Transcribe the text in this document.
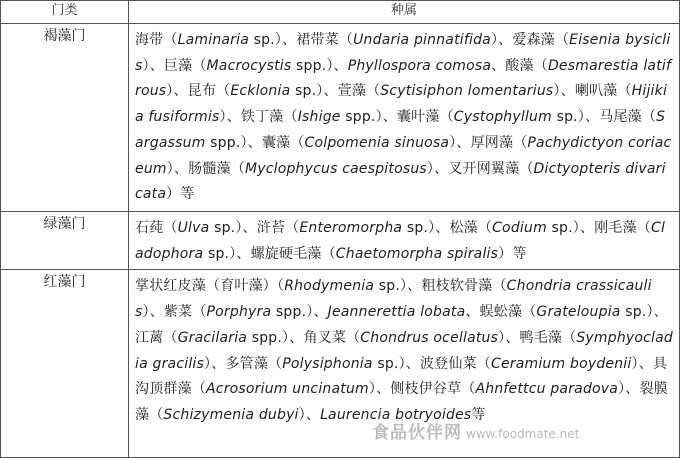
门类	种属
褐藻门	海带（Laminaria sp.）、裙带菜（Undaria pinnatifida）、爱森藻（Eisenia bysiclis）、巨藻（Macrocystis spp.）、Phyllospora comosa、酸藻（Desmarestia latifrous）、昆布（Ecklonia sp.）、萱藻（Scytisiphon lomentarius）、喇叭藻（Hijikia fusiformis）、铁丁藻（Ishige spp.）、囊叶藻（Cystophyllum sp.）、马尾藻（Sargassum spp.）、囊藻（Colpomenia sinuosa）、厚网藻（Pachydictyon coriaceum）、肠髓藻（Myclophycus caespitosus）、叉开网翼藻（Dictyopteris divaricata）等
绿藻门	石莼（Ulva sp.）、浒苔（Enteromorpha sp.）、松藻（Codium sp.）、刚毛藻（Cladophora sp.）、螺旋硬毛藻（Chaetomorpha spiralis）等
红藻门	掌状红皮藻（育叶藻）（Rhodymenia sp.）、粗枝软骨藻（Chondria crassicaulis）、紫菜（Porphyra spp.）、Jeannerettia lobata、蜈蚣藻（Grateloupia sp.）、江蓠（Gracilaria spp.）、角叉菜（Chondrus ocellatus）、鸭毛藻（Symphyocladia gracilis）、多管藻（Polysiphonia sp.）、波登仙菜（Ceramium boydenii）、具沟顶群藻（Acrosorium uncinatum）、侧枝伊谷草（Ahnfettcu paradova）、裂膜藻（Schizymenia dubyi）、Laurencia botryoides等
食品伙伴网 www.foodmate.net
